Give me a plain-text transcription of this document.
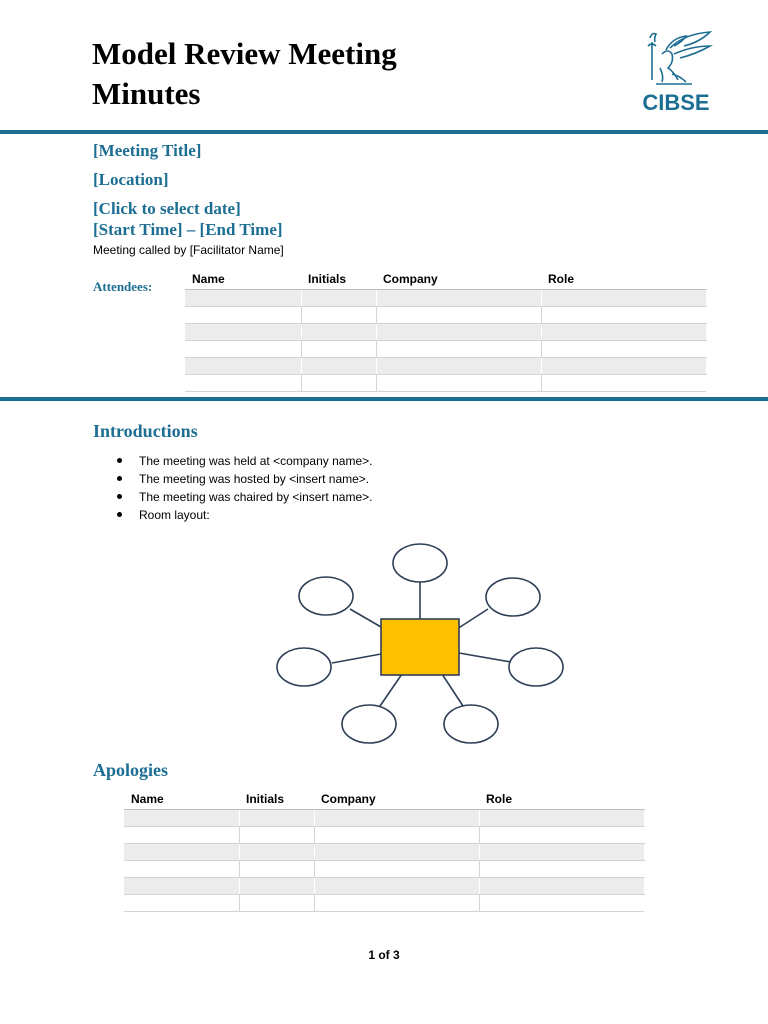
Model Review Meeting
Minutes	CIBSE

[Meeting Title]

[Location]

[Click to select date]

[Start Time] – [End Time]

Meeting called by [Facilitator Name]
Attendees:
Name	Initials	Company	Role

Introductions
The meeting was held at <company name>.
The meeting was hosted by <insert name>.
The meeting was chaired by <insert name>.
Room layout:
Apologies
Name	Initials	Company	Role

1 of 3
